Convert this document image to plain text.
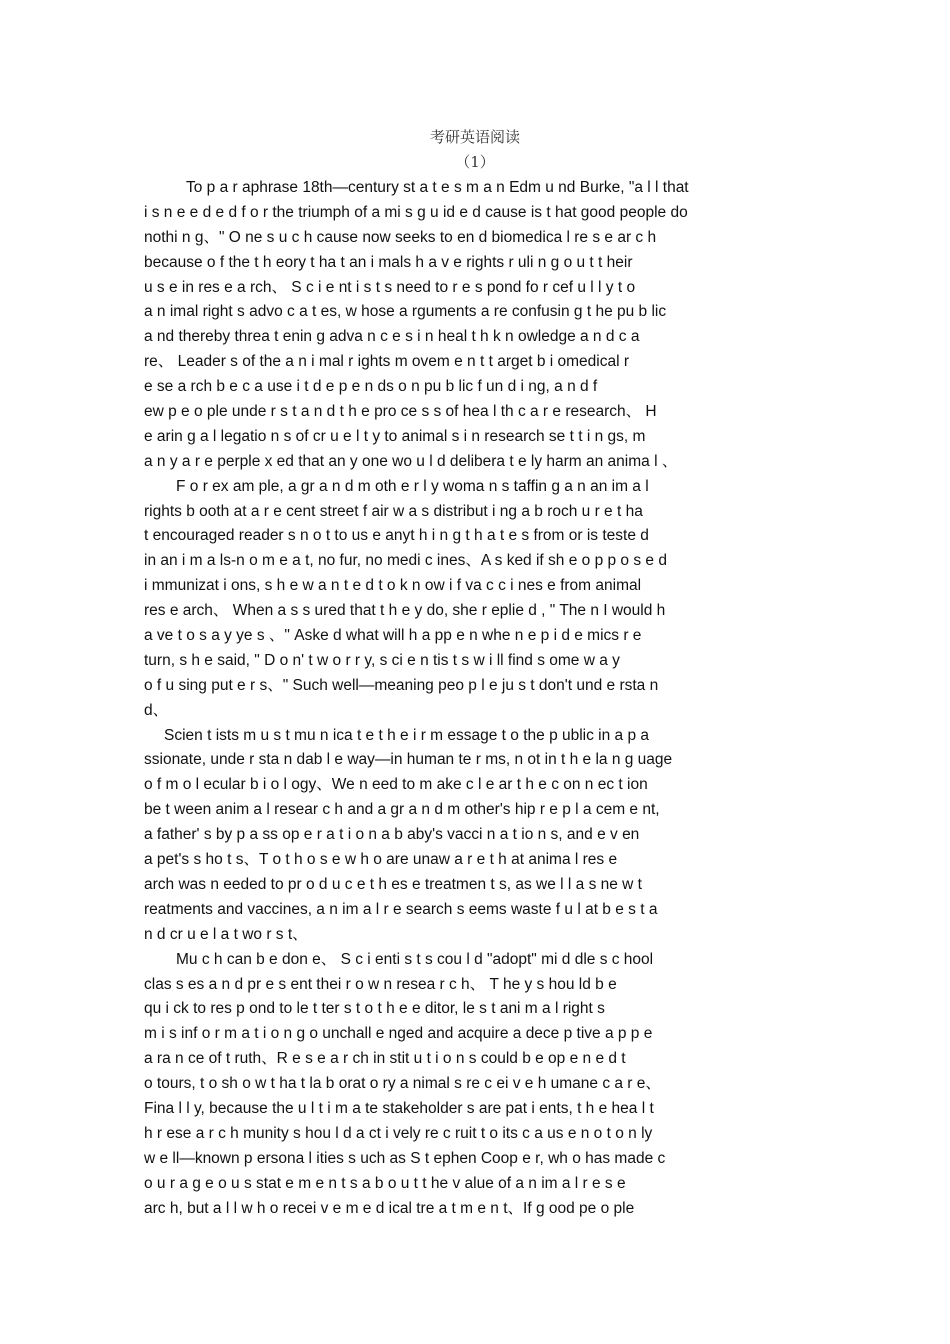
考研英语阅读

（1）

To p a r aphrase 18th—century st a t e s m a n Edm u nd Burke, "a l l that
i s n e e d e d f o r the triumph of a mi s g u id e d cause is t hat good people do
nothi n g、" O ne s u c h cause now seeks to en d biomedica l re s e ar c h
because o f the t h eory t ha t an i mals h a v e rights r uli n g o u t t heir
u s e in res e a rch、 S c i e nt i s t s need to r e s pond fo r cef u l l y t o
a n imal right s advo c a t es, w hose a rguments a re confusin g t he pu b lic
a nd thereby threa t enin g adva n c e s i n heal t h k n owledge a n d c a
re、 Leader s of the a n i mal r ights m ovem e n t t arget b i omedical r
e se a rch b e c a use i t d e p e n ds o n pu b lic f un d i ng, a n d f
ew p e o ple unde r s t a n d t h e pro ce s s of hea l th c a r e research、 H
e arin g a l legatio n s of cr u e l t y to animal s i n research se t t i n gs, m
a n y a r e perple x ed that an y one wo u l d delibera t e ly harm an anima l 、
F o r ex am ple, a gr a n d m oth e r l y woma n s taffin g a n an im a l
rights b ooth at a r e cent street f air w a s distribut i ng a b roch u r e t ha
t encouraged reader s n o t to us e anyt h i n g t h a t e s from or is teste d
in an i m a ls-n o m e a t, no fur, no medi c ines、A s ked if sh e o p p o s e d
i mmunizat i ons, s h e w a n t e d t o k n ow i f va c c i nes e from animal
res e arch、 When a s s ured that t h e y do, she r eplie d , " The n I would h
a ve t o s a y ye s 、" Aske d what will h a pp e n whe n e p i d e mics r e
turn, s h e said, " D o n' t w o r r y, s ci e n tis t s w i ll find s ome w a y
o f u sing put e r s、" Such well—meaning peo p l e ju s t don't und e rsta n
d、
Scien t ists m u s t mu n ica t e t h e i r m essage t o the p ublic in a p a
ssionate, unde r sta n dab l e way—in human te r ms, n ot in t h e la n g uage
o f m o l ecular b i o l ogy、We n eed to m ake c l e ar t h e c on n ec t ion
be t ween anim a l resear c h and a gr a n d m other's hip r e p l a cem e nt,
a father' s by p a ss op e r a t i o n a b aby's vacci n a t io n s, and e v en
a pet's s ho t s、T o t h o s e w h o are unaw a r e t h at anima l res e
arch was n eeded to pr o d u c e t h es e treatmen t s, as we l l a s ne w t
reatments and vaccines, a n im a l r e search s eems waste f u l at b e s t a
n d cr u e l a t wo r s t、
Mu c h can b e don e、 S c i enti s t s cou l d "adopt" mi d dle s c hool
clas s es a n d pr e s ent thei r o w n resea r c h、 T he y s hou ld b e
qu i ck to res p ond to le t ter s t o t h e e ditor, le s t ani m a l right s
m i s inf o r m a t i o n g o unchall e nged and acquire a dece p tive a p p e
a ra n ce of t ruth、R e s e a r ch in stit u t i o n s could b e op e n e d t
o tours, t o sh o w t ha t la b orat o ry a nimal s re c ei v e h umane c a r e、
Fina l l y, because the u l t i m a te stakeholder s are pat i ents, t h e hea l t
h r ese a r c h munity s hou l d a ct i vely re c ruit t o its c a us e n o t o n ly
w e ll—known p ersona l ities s uch as S t ephen Coop e r, wh o has made c
o u r a g e o u s stat e m e n t s a b o u t t he v alue of a n im a l r e s e
arc h, but a l l w h o recei v e m e d ical tre a t m e n t、If g ood pe o ple
